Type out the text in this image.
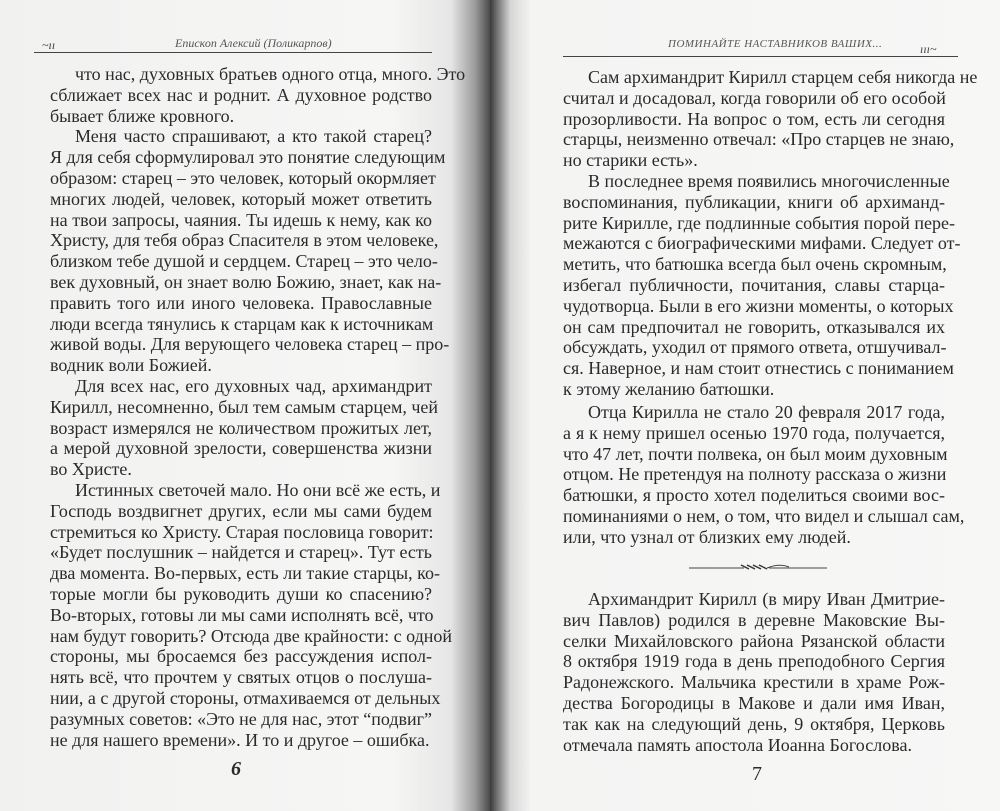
~ıı	Епископ Алексий (Поликарпов)
что нас, духовных братьев одного отца, много. Это
сближает всех нас и роднит. А духовное родство
бывает ближе кровного.
Меня часто спрашивают, а кто такой старец?
Я для себя сформулировал это понятие следующим
образом: старец – это человек, который окормляет
многих людей, человек, который может ответить
на твои запросы, чаяния. Ты идешь к нему, как ко
Христу, для тебя образ Спасителя в этом человеке,
близком тебе душой и сердцем. Старец – это чело-
век духовный, он знает волю Божию, знает, как на-
править того или иного человека. Православные
люди всегда тянулись к старцам как к источникам
живой воды. Для верующего человека старец – про-
водник воли Божией.
Для всех нас, его духовных чад, архимандрит
Кирилл, несомненно, был тем самым старцем, чей
возраст измерялся не количеством прожитых лет,
а мерой духовной зрелости, совершенства жизни
во Христе.
Истинных светочей мало. Но они всё же есть, и
Господь воздвигнет других, если мы сами будем
стремиться ко Христу. Старая пословица говорит:
«Будет послушник – найдется и старец». Тут есть
два момента. Во-первых, есть ли такие старцы, ко-
торые могли бы руководить души ко спасению?
Во-вторых, готовы ли мы сами исполнять всё, что
нам будут говорить? Отсюда две крайности: с одной
стороны, мы бросаемся без рассуждения испол-
нять всё, что прочтем у святых отцов о послуша-
нии, а с другой стороны, отмахиваемся от дельных
разумных советов: «Это не для нас, этот “подвиг”
не для нашего времени». И то и другое – ошибка.
6
ПОМИНАЙТЕ НАСТАВНИКОВ ВАШИХ...	ııı~
Сам архимандрит Кирилл старцем себя никогда не
считал и досадовал, когда говорили об его особой
прозорливости. На вопрос о том, есть ли сегодня
старцы, неизменно отвечал: «Про старцев не знаю,
но старики есть».
В последнее время появились многочисленные
воспоминания, публикации, книги об архиманд-
рите Кирилле, где подлинные события порой пере-
межаются с биографическими мифами. Следует от-
метить, что батюшка всегда был очень скромным,
избегал публичности, почитания, славы старца-
чудотворца. Были в его жизни моменты, о которых
он сам предпочитал не говорить, отказывался их
обсуждать, уходил от прямого ответа, отшучивал-
ся. Наверное, и нам стоит отнестись с пониманием
к этому желанию батюшки.
Отца Кирилла не стало 20 февраля 2017 года,
а я к нему пришел осенью 1970 года, получается,
что 47 лет, почти полвека, он был моим духовным
отцом. Не претендуя на полноту рассказа о жизни
батюшки, я просто хотел поделиться своими вос-
поминаниями о нем, о том, что видел и слышал сам,
или, что узнал от близких ему людей.
Архимандрит Кирилл (в миру Иван Дмитрие-
вич Павлов) родился в деревне Маковские Вы-
селки Михайловского района Рязанской области
8 октября 1919 года в день преподобного Сергия
Радонежского. Мальчика крестили в храме Рож-
дества Богородицы в Макове и дали имя Иван,
так как на следующий день, 9 октября, Церковь
отмечала память апостола Иоанна Богослова.
7
